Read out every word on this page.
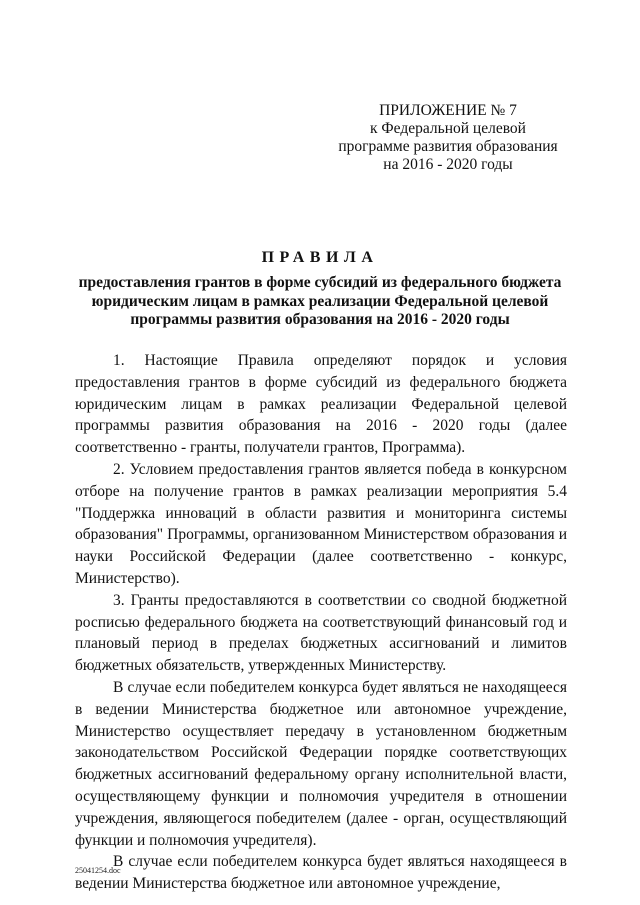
ПРИЛОЖЕНИЕ № 7
к Федеральной целевой
программе развития образования
на 2016 - 2020 годы
ПРАВИЛА
предоставления грантов в форме субсидий из федерального бюджета юридическим лицам в рамках реализации Федеральной целевой программы развития образования на 2016 - 2020 годы

1. Настоящие Правила определяют порядок и условия предоставления грантов в форме субсидий из федерального бюджета юридическим лицам в рамках реализации Федеральной целевой программы развития образования на 2016 - 2020 годы (далее соответственно - гранты, получатели грантов, Программа).

2. Условием предоставления грантов является победа в конкурсном отборе на получение грантов в рамках реализации мероприятия 5.4 "Поддержка инноваций в области развития и мониторинга системы образования" Программы, организованном Министерством образования и науки Российской Федерации (далее соответственно - конкурс, Министерство).

3. Гранты предоставляются в соответствии со сводной бюджетной росписью федерального бюджета на соответствующий финансовый год и плановый период в пределах бюджетных ассигнований и лимитов бюджетных обязательств, утвержденных Министерству.

В случае если победителем конкурса будет являться не находящееся в ведении Министерства бюджетное или автономное учреждение, Министерство осуществляет передачу в установленном бюджетным законодательством Российской Федерации порядке соответствующих бюджетных ассигнований федеральному органу исполнительной власти, осуществляющему функции и полномочия учредителя в отношении учреждения, являющегося победителем (далее - орган, осуществляющий функции и полномочия учредителя).

В случае если победителем конкурса будет являться находящееся в ведении Министерства бюджетное или автономное учреждение,

25041254.doc
